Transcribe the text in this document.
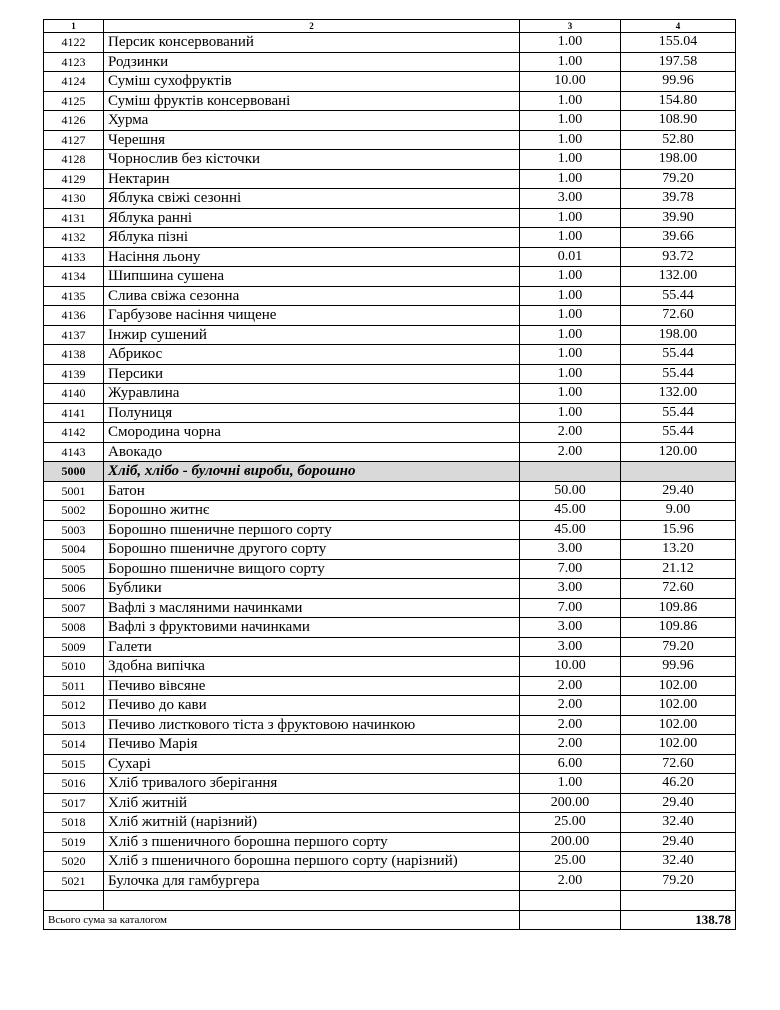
1	2	3	4
4122	Персик консервований	1.00	155.04
4123	Родзинки	1.00	197.58
4124	Суміш сухофруктів	10.00	99.96
4125	Суміш фруктів консервовані	1.00	154.80
4126	Хурма	1.00	108.90
4127	Черешня	1.00	52.80
4128	Чорнослив без кісточки	1.00	198.00
4129	Нектарин	1.00	79.20
4130	Яблука свіжі сезонні	3.00	39.78
4131	Яблука ранні	1.00	39.90
4132	Яблука пізні	1.00	39.66
4133	Насіння льону	0.01	93.72
4134	Шипшина сушена	1.00	132.00
4135	Слива свіжа сезонна	1.00	55.44
4136	Гарбузове насіння чищене	1.00	72.60
4137	Інжир сушений	1.00	198.00
4138	Абрикос	1.00	55.44
4139	Персики	1.00	55.44
4140	Журавлина	1.00	132.00
4141	Полуниця	1.00	55.44
4142	Смородина чорна	2.00	55.44
4143	Авокадо	2.00	120.00
5000	Хліб, хлібо - булочні вироби, борошно		
5001	Батон	50.00	29.40
5002	Борошно житнє	45.00	9.00
5003	Борошно пшеничне першого сорту	45.00	15.96
5004	Борошно пшеничне другого сорту	3.00	13.20
5005	Борошно пшеничне вищого сорту	7.00	21.12
5006	Бублики	3.00	72.60
5007	Вафлі з масляними начинками	7.00	109.86
5008	Вафлі з фруктовими начинками	3.00	109.86
5009	Галети	3.00	79.20
5010	Здобна випічка	10.00	99.96
5011	Печиво вівсяне	2.00	102.00
5012	Печиво до кави	2.00	102.00
5013	Печиво листкового тіста з фруктовою начинкою	2.00	102.00
5014	Печиво Марія	2.00	102.00
5015	Сухарі	6.00	72.60
5016	Хліб тривалого зберігання	1.00	46.20
5017	Хліб житній	200.00	29.40
5018	Хліб житній (нарізний)	25.00	32.40
5019	Хліб з пшеничного борошна першого сорту	200.00	29.40
5020	Хліб з пшеничного борошна першого сорту (нарізний)	25.00	32.40
5021	Булочка для гамбургера	2.00	79.20

Всього сума за каталогом			138.78
